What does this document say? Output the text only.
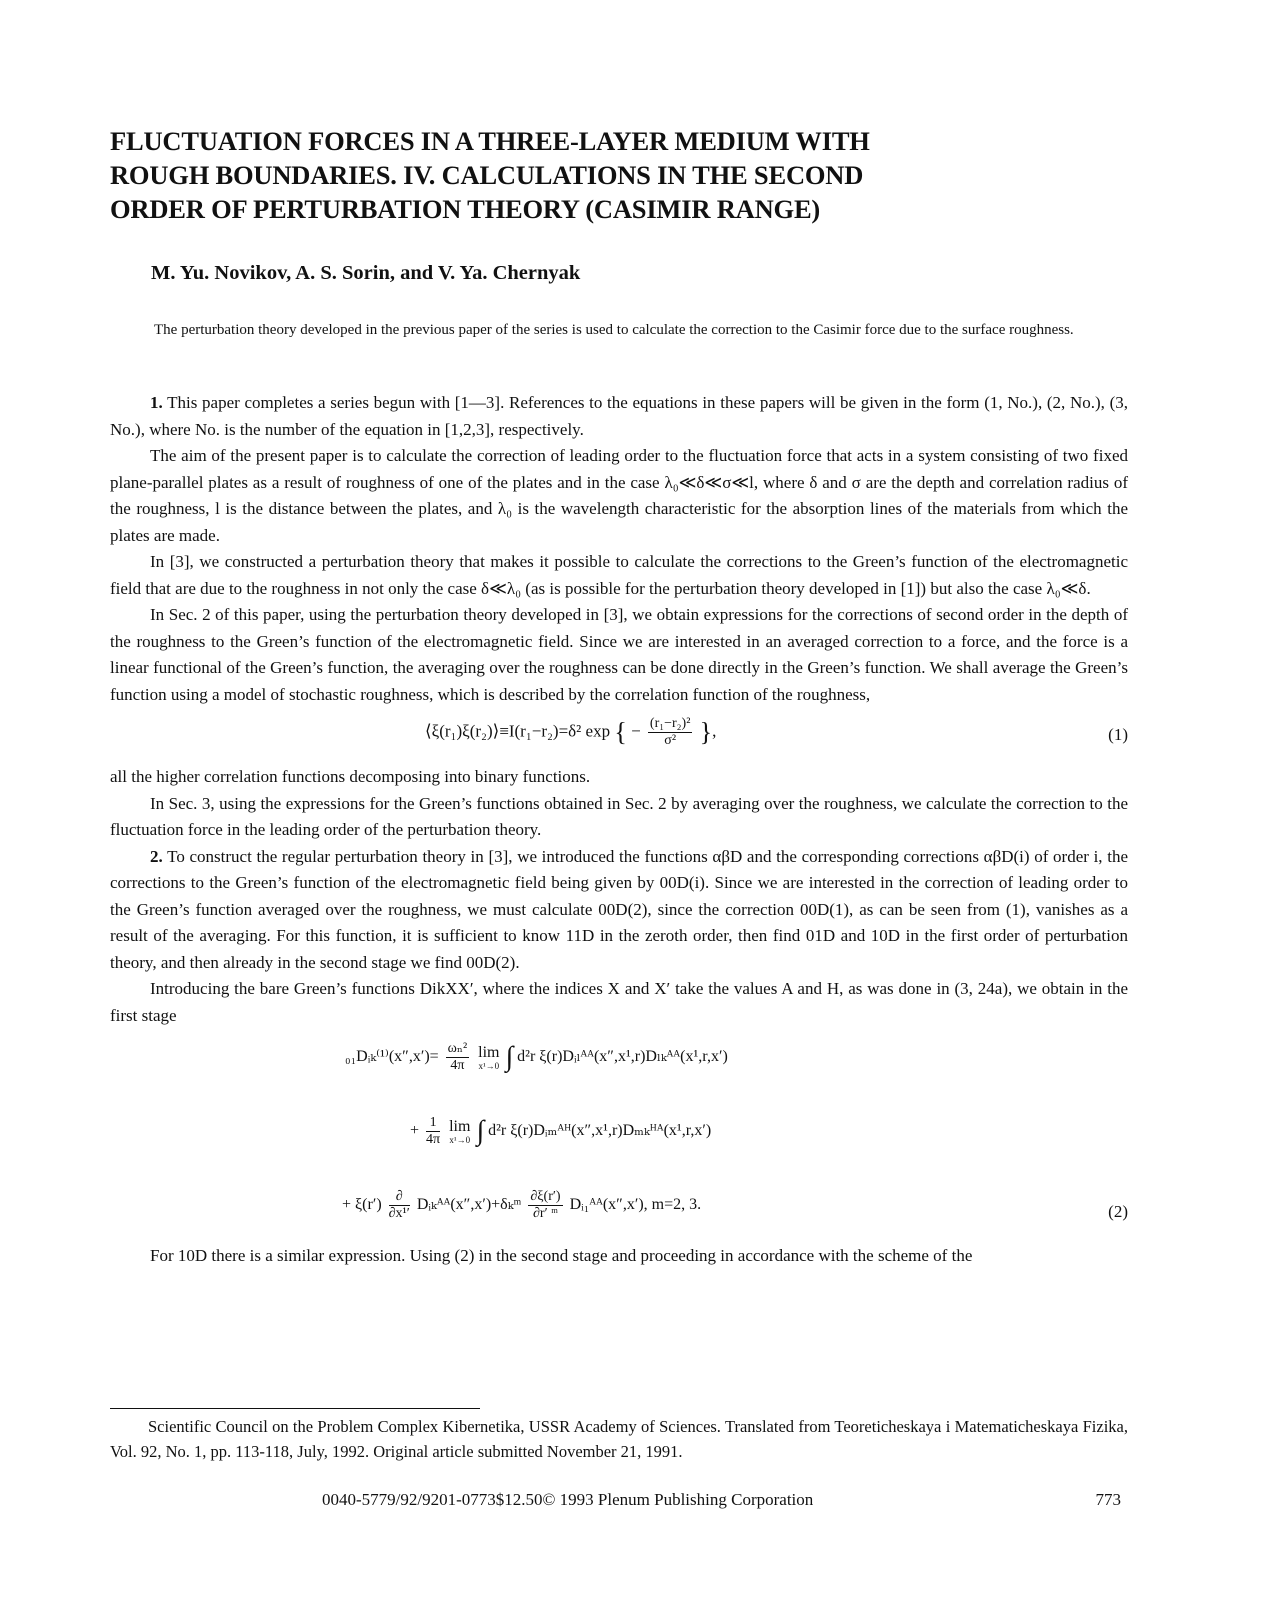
FLUCTUATION FORCES IN A THREE-LAYER MEDIUM WITH
ROUGH BOUNDARIES. IV. CALCULATIONS IN THE SECOND
ORDER OF PERTURBATION THEORY (CASIMIR RANGE)
M. Yu. Novikov, A. S. Sorin, and V. Ya. Chernyak
The perturbation theory developed in the previous paper of the series is used to calculate the correction to the Casimir force due to the surface roughness.

1. This paper completes a series begun with [1—3]. References to the equations in these papers will be given in the form (1, No.), (2, No.), (3, No.), where No. is the number of the equation in [1,2,3], respectively.

The aim of the present paper is to calculate the correction of leading order to the fluctuation force that acts in a system consisting of two fixed plane-parallel plates as a result of roughness of one of the plates and in the case λ₀≪δ≪σ≪l, where δ and σ are the depth and correlation radius of the roughness, l is the distance between the plates, and λ₀ is the wavelength characteristic for the absorption lines of the materials from which the plates are made.

In [3], we constructed a perturbation theory that makes it possible to calculate the corrections to the Green’s function of the electromagnetic field that are due to the roughness in not only the case δ≪λ₀ (as is possible for the perturbation theory developed in [1]) but also the case λ₀≪δ.

In Sec. 2 of this paper, using the perturbation theory developed in [3], we obtain expressions for the corrections of second order in the depth of the roughness to the Green’s function of the electromagnetic field. Since we are interested in an averaged correction to a force, and the force is a linear functional of the Green’s function, the averaging over the roughness can be done directly in the Green’s function. We shall average the Green’s function using a model of stochastic roughness, which is described by the correlation function of the roughness,

⟨ξ(r₁)ξ(r₂)⟩≡I(r₁−r₂)=δ² exp { − $\frac{\text{(r₁−r₂)²}}{\text{σ²}}$ },	(1)

all the higher correlation functions decomposing into binary functions.

In Sec. 3, using the expressions for the Green’s functions obtained in Sec. 2 by averaging over the roughness, we calculate the correction to the fluctuation force in the leading order of the perturbation theory.

2. To construct the regular perturbation theory in [3], we introduced the functions αβD and the corresponding corrections αβD(i) of order i, the corrections to the Green’s function of the electromagnetic field being given by 00D(i). Since we are interested in the correction of leading order to the Green’s function averaged over the roughness, we must calculate 00D(2), since the correction 00D(1), as can be seen from (1), vanishes as a result of the averaging. For this function, it is sufficient to know 11D in the zeroth order, then find 01D and 10D in the first order of perturbation theory, and then already in the second stage we find 00D(2).

Introducing the bare Green’s functions DikXX′, where the indices X and X′ take the values A and H, as was done in (3, 24a), we obtain in the first stage

₀₁Dᵢₖ⁽¹⁾(x″,x′)= $\frac{\text{ωₙ²}}{4\pi}$
lim
x¹→0 ∫ d²r ξ(r)Dᵢₗᴬᴬ(x″,x¹,r)Dₗₖᴬᴬ(x¹,r,x′)
+ $\frac{1}{4\pi}$
lim
x¹→0 ∫ d²r ξ(r)Dᵢₘᴬᴴ(x″,x¹,r)Dₘₖᴴᴬ(x¹,r,x′)
+ $\xi(r') \frac{\partial}{\text{∂x¹′}}$ Dᵢₖᴬᴬ(x″,x′)+δₖᵐ $\frac{\partial\xi(r')}{\text{∂r′ ᵐ}}$ Dᵢ₁ᴬᴬ(x″,x′), m=2, 3.	(2)

For 10D there is a similar expression. Using (2) in the second stage and proceeding in accordance with the scheme of the

Scientific Council on the Problem Complex Kibernetika, USSR Academy of Sciences. Translated from Teoreticheskaya i Matematicheskaya Fizika, Vol. 92, No. 1, pp. 113-118, July, 1992. Original article submitted November 21, 1991.
0040-5779/92/9201-0773$12.50© 1993 Plenum Publishing Corporation	773
